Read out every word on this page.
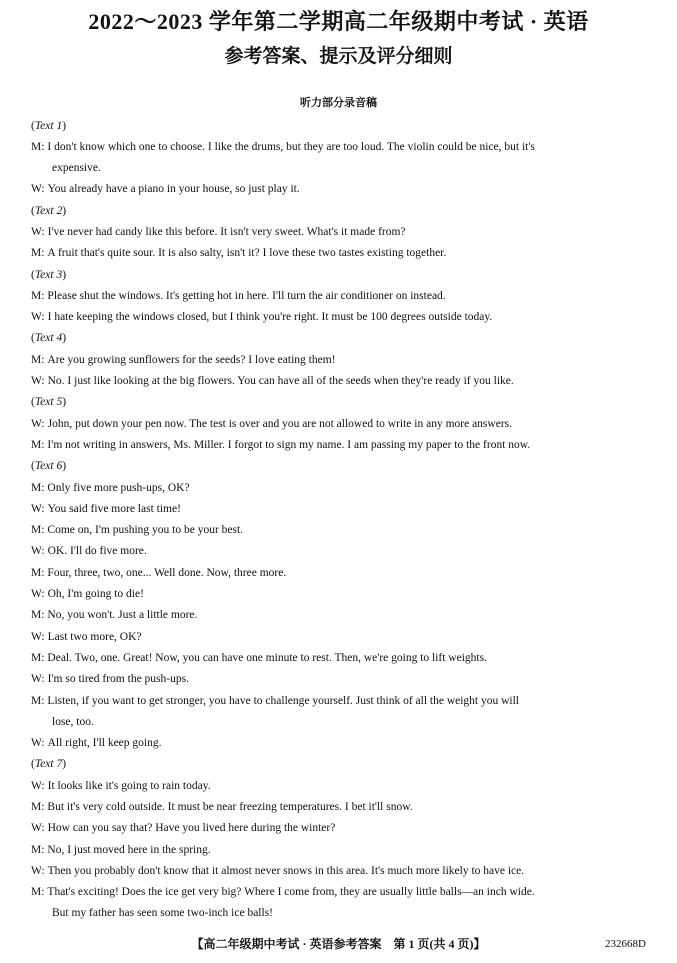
2022～2023 学年第二学期高二年级期中考试 · 英语
参考答案、提示及评分细则
听力部分录音稿
(Text 1)
M: I don't know which one to choose. I like the drums, but they are too loud. The violin could be nice, but it's
expensive.
W: You already have a piano in your house, so just play it.
(Text 2)
W: I've never had candy like this before. It isn't very sweet. What's it made from?
M: A fruit that's quite sour. It is also salty, isn't it? I love these two tastes existing together.
(Text 3)
M: Please shut the windows. It's getting hot in here. I'll turn the air conditioner on instead.
W: I hate keeping the windows closed, but I think you're right. It must be 100 degrees outside today.
(Text 4)
M: Are you growing sunflowers for the seeds? I love eating them!
W: No. I just like looking at the big flowers. You can have all of the seeds when they're ready if you like.
(Text 5)
W: John, put down your pen now. The test is over and you are not allowed to write in any more answers.
M: I'm not writing in answers, Ms. Miller. I forgot to sign my name. I am passing my paper to the front now.
(Text 6)
M: Only five more push-ups, OK?
W: You said five more last time!
M: Come on, I'm pushing you to be your best.
W: OK. I'll do five more.
M: Four, three, two, one... Well done. Now, three more.
W: Oh, I'm going to die!
M: No, you won't. Just a little more.
W: Last two more, OK?
M: Deal. Two, one. Great! Now, you can have one minute to rest. Then, we're going to lift weights.
W: I'm so tired from the push-ups.
M: Listen, if you want to get stronger, you have to challenge yourself. Just think of all the weight you will
lose, too.
W: All right, I'll keep going.
(Text 7)
W: It looks like it's going to rain today.
M: But it's very cold outside. It must be near freezing temperatures. I bet it'll snow.
W: How can you say that? Have you lived here during the winter?
M: No, I just moved here in the spring.
W: Then you probably don't know that it almost never snows in this area. It's much more likely to have ice.
M: That's exciting! Does the ice get very big? Where I come from, they are usually little balls—an inch wide.
But my father has seen some two-inch ice balls!
【高二年级期中考试 · 英语参考答案　第 1 页(共 4 页)】	232668D
